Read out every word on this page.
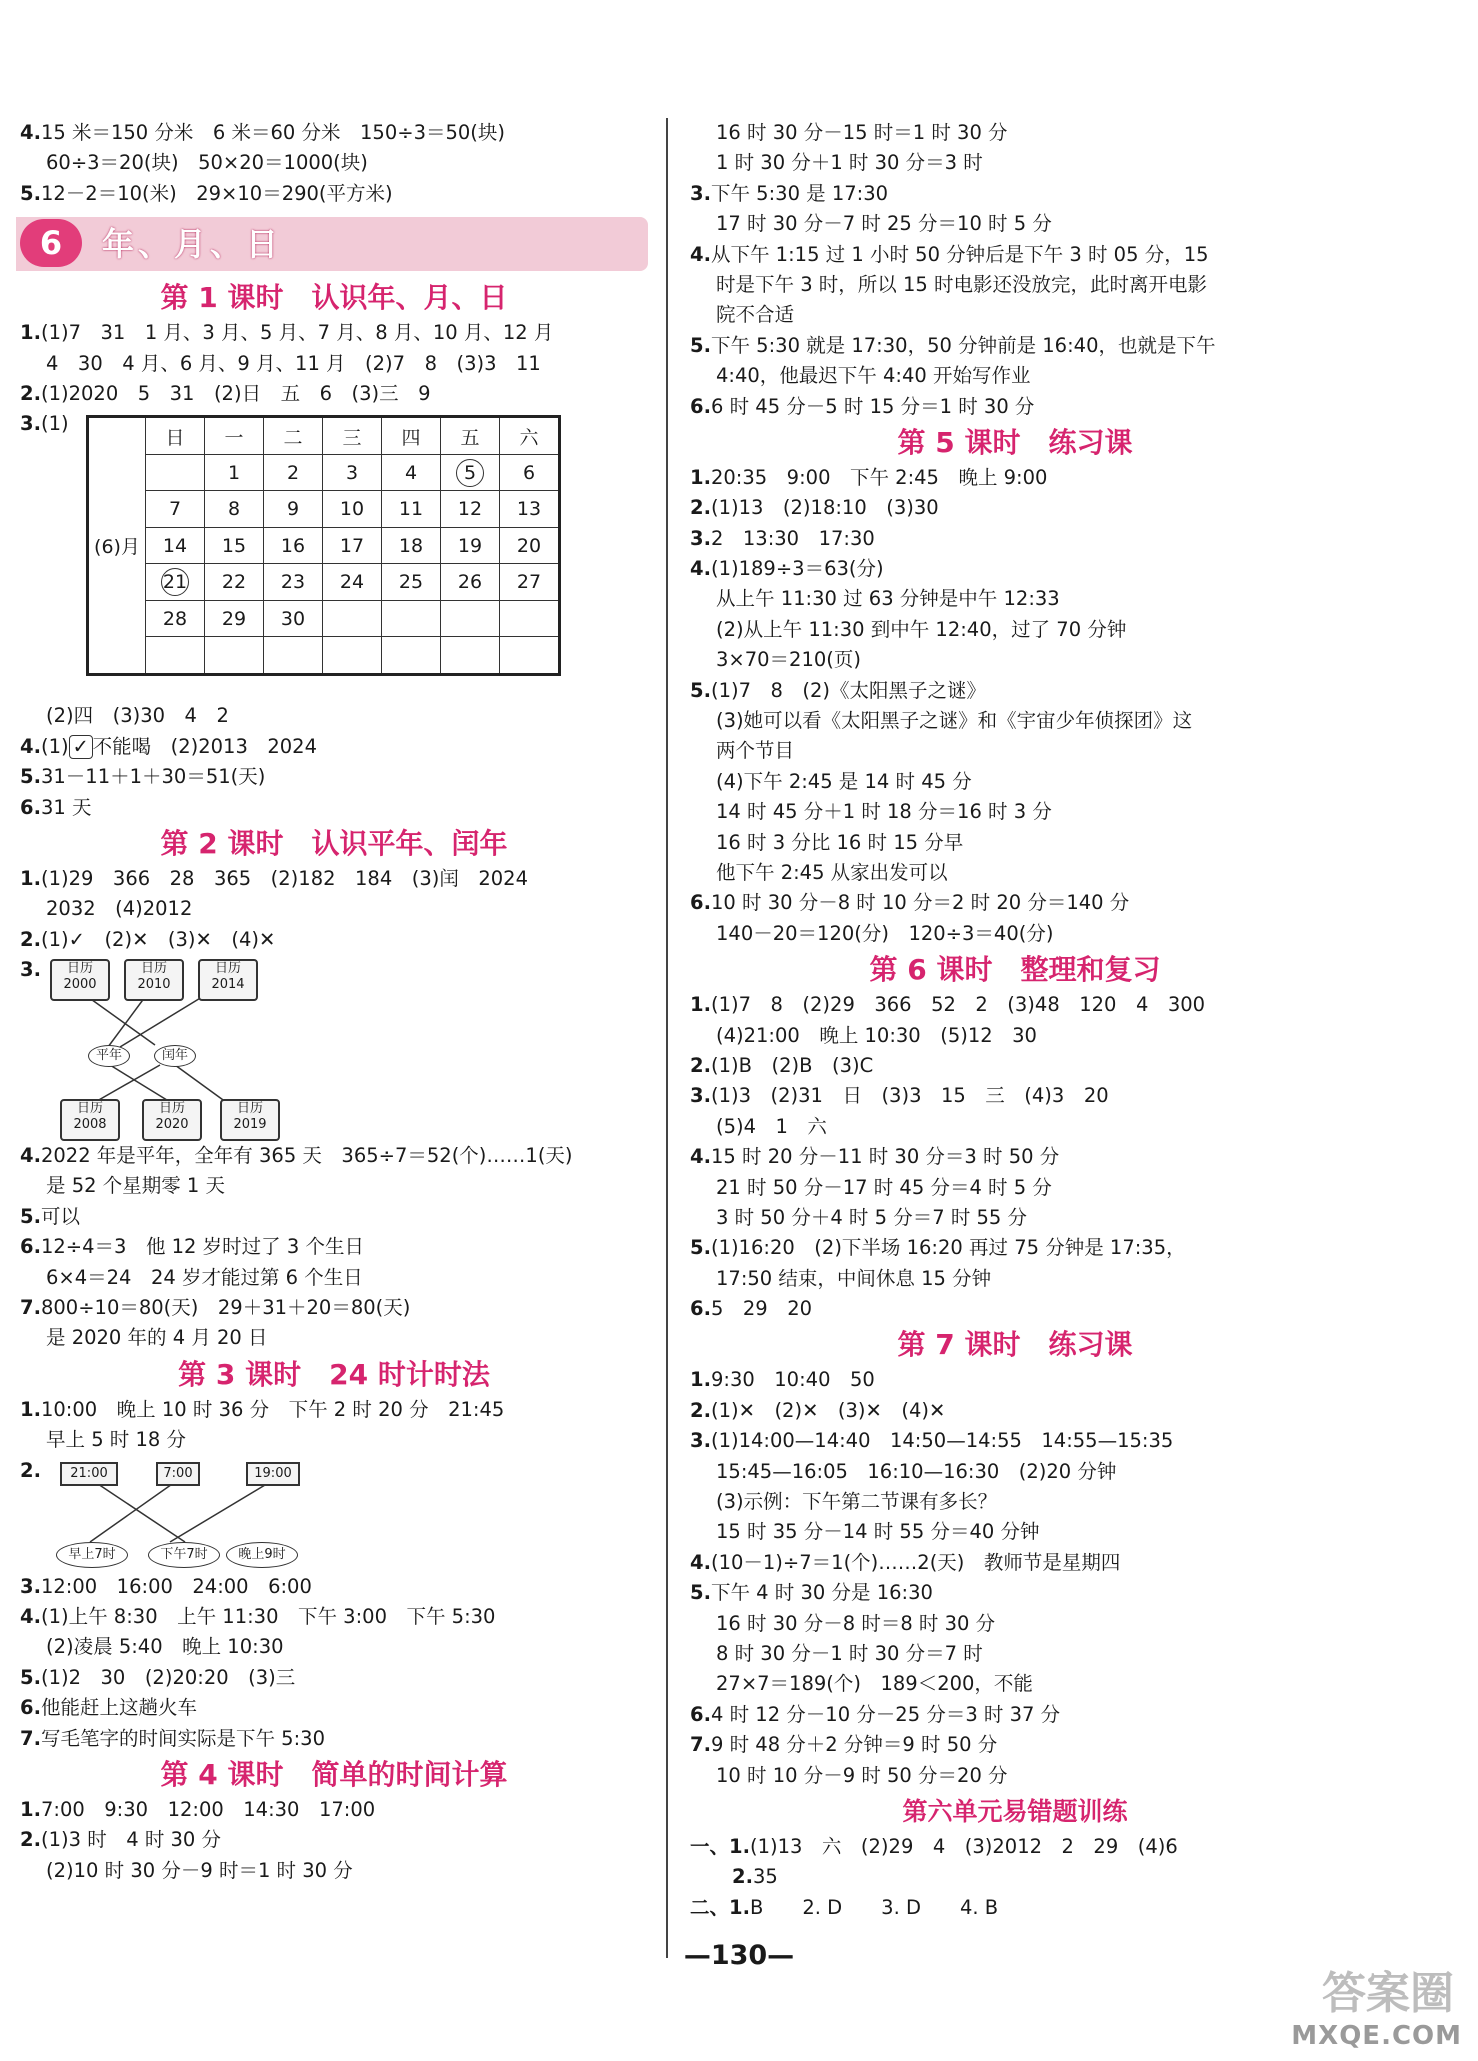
4.15 米＝150 分米　6 米＝60 分米　150÷3＝50(块)
60÷3＝20(块)　50×20＝1000(块)
5.12－2＝10(米)　29×10＝290(平方米)
6	年、月、日
第 1 课时　认识年、月、日
1.(1)7　31　1 月、3 月、5 月、7 月、8 月、10 月、12 月
4　30　4 月、6 月、9 月、11 月　(2)7　8　(3)3　11
2.(1)2020　5　31　(2)日　五　6　(3)三　9
3.(1)
(6)月	日	一	二	三	四	五	六
		1	2	3	4	5	6
	7	8	9	10	11	12	13
	14	15	16	17	18	19	20
	21	22	23	24	25	26	27
	28	29	30				

(2)四　(3)30　4　2
4.(1) ✓ 不能喝　(2)2013　2024
5.31－11＋1＋30＝51(天)
6.31 天
第 2 课时　认识平年、闰年
1.(1)29　366　28　365　(2)182　184　(3)闰　2024
2032　(4)2012
2.(1)✓　(2)✕　(3)✕　(4)✕
3.	日历
2000
日历
2010
日历
2014
平年	闰年
日历
2008
日历
2020
日历
2019
4.2022 年是平年，全年有 365 天　365÷7＝52(个)……1(天)
是 52 个星期零 1 天
5.可以
6.12÷4＝3　他 12 岁时过了 3 个生日
6×4＝24　24 岁才能过第 6 个生日
7.800÷10＝80(天)　29＋31＋20＝80(天)
是 2020 年的 4 月 20 日
第 3 课时　24 时计时法
1.10:00　晚上 10 时 36 分　下午 2 时 20 分　21:45
早上 5 时 18 分
2.	21:00	7:00	19:00
早上7时	下午7时	晚上9时
3.12:00　16:00　24:00　6:00
4.(1)上午 8:30　上午 11:30　下午 3:00　下午 5:30
(2)凌晨 5:40　晚上 10:30
5.(1)2　30　(2)20:20　(3)三
6.他能赶上这趟火车
7.写毛笔字的时间实际是下午 5:30
第 4 课时　简单的时间计算
1.7:00　9:30　12:00　14:30　17:00
2.(1)3 时　4 时 30 分
(2)10 时 30 分－9 时＝1 时 30 分
16 时 30 分－15 时＝1 时 30 分
1 时 30 分＋1 时 30 分＝3 时
3.下午 5:30 是 17:30
17 时 30 分－7 时 25 分＝10 时 5 分
4.从下午 1:15 过 1 小时 50 分钟后是下午 3 时 05 分，15
时是下午 3 时，所以 15 时电影还没放完，此时离开电影
院不合适
5.下午 5:30 就是 17:30，50 分钟前是 16:40，也就是下午
4:40，他最迟下午 4:40 开始写作业
6.6 时 45 分－5 时 15 分＝1 时 30 分
第 5 课时　练习课
1.20:35　9:00　下午 2:45　晚上 9:00
2.(1)13　(2)18:10　(3)30
3.2　13:30　17:30
4.(1)189÷3＝63(分)
从上午 11:30 过 63 分钟是中午 12:33
(2)从上午 11:30 到中午 12:40，过了 70 分钟
3×70＝210(页)
5.(1)7　8　(2)《太阳黑子之谜》
(3)她可以看《太阳黑子之谜》和《宇宙少年侦探团》这
两个节目
(4)下午 2:45 是 14 时 45 分
14 时 45 分＋1 时 18 分＝16 时 3 分
16 时 3 分比 16 时 15 分早
他下午 2:45 从家出发可以
6.10 时 30 分－8 时 10 分＝2 时 20 分＝140 分
140－20＝120(分)　120÷3＝40(分)
第 6 课时　整理和复习
1.(1)7　8　(2)29　366　52　2　(3)48　120　4　300
(4)21:00　晚上 10:30　(5)12　30
2.(1)B　(2)B　(3)C
3.(1)3　(2)31　日　(3)3　15　三　(4)3　20
(5)4　1　六
4.15 时 20 分－11 时 30 分＝3 时 50 分
21 时 50 分－17 时 45 分＝4 时 5 分
3 时 50 分＋4 时 5 分＝7 时 55 分
5.(1)16:20　(2)下半场 16:20 再过 75 分钟是 17:35，
17:50 结束，中间休息 15 分钟
6.5　29　20
第 7 课时　练习课
1.9:30　10:40　50
2.(1)✕　(2)✕　(3)✕　(4)✕
3.(1)14:00—14:40　14:50—14:55　14:55—15:35
15:45—16:05　16:10—16:30　(2)20 分钟
(3)示例：下午第二节课有多长？
15 时 35 分－14 时 55 分＝40 分钟
4.(10－1)÷7＝1(个)……2(天)　教师节是星期四
5.下午 4 时 30 分是 16:30
16 时 30 分－8 时＝8 时 30 分
8 时 30 分－1 时 30 分＝7 时
27×7＝189(个)　189＜200，不能
6.4 时 12 分－10 分－25 分＝3 时 37 分
7.9 时 48 分＋2 分钟＝9 时 50 分
10 时 10 分－9 时 50 分＝20 分
第六单元易错题训练
一、1.(1)13　六　(2)29　4　(3)2012　2　29　(4)6
2.35
二、1.B　　2. D　　3. D　　4. B
—130—
答案圈
MXQE.COM
